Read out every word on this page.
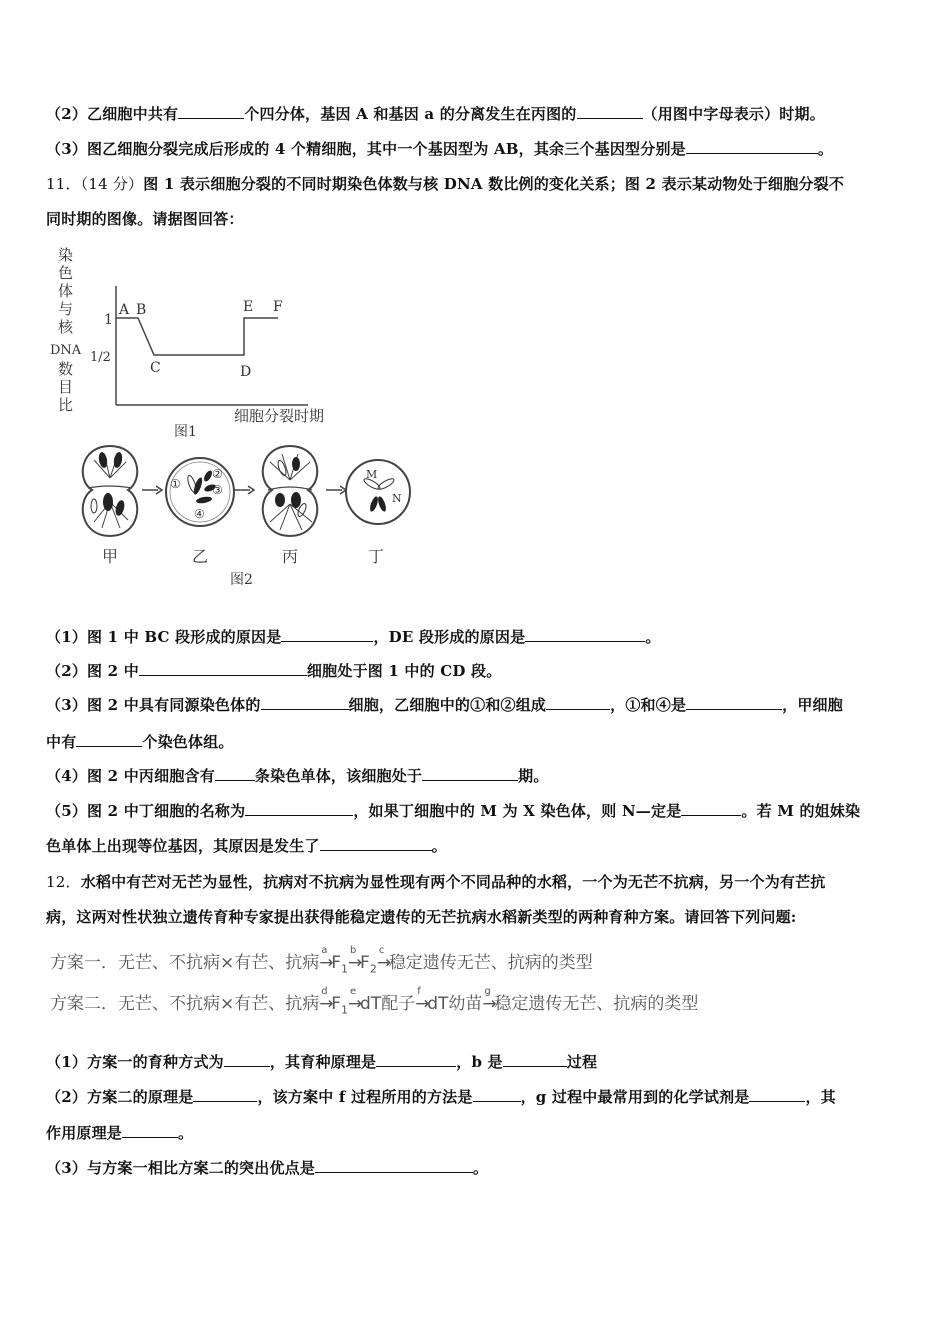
（2）乙细胞中共有	个四分体，基因 A 和基因 a 的分离发生在丙图的	（用图中字母表示）时期。
（3）图乙细胞分裂完成后形成的 4 个精细胞，其中一个基因型为 AB，其余三个基因型分别是	。
11．（14 分）图 1 表示细胞分裂的不同时期染色体数与核 DNA 数比例的变化关系；图 2 表示某动物处于细胞分裂不
同时期的图像。请据图回答：
染
色
体
与
核
DNA
数
目
比
1
1/2
A B
C	D
E F
细胞分裂时期
图1
①
②
③
④
M
N
甲	乙	丙	丁
图2
（1）图 1 中 BC 段形成的原因是	，DE 段形成的原因是	。
（2）图 2 中	细胞处于图 1 中的 CD 段。
（3）图 2 中具有同源染色体的	细胞，乙细胞中的①和②组成	，①和④是	，甲细胞
中有	个染色体组。
（4）图 2 中丙细胞含有	条染色单体，该细胞处于	期。
（5）图 2 中丁细胞的名称为	，如果丁细胞中的 M 为 X 染色体，则 N—定是	。若 M 的姐妹染
色单体上出现等位基因，其原因是发生了	。
12．水稻中有芒对无芒为显性，抗病对不抗病为显性现有两个不同品种的水稻，一个为无芒不抗病，另一个为有芒抗
病，这两对性状独立遗传育种专家提出获得能稳定遗传的无芒抗病水稻新类型的两种育种方案。请回答下列问题:
方案一．无芒、不抗病×有芒、抗病→
a
$F_1\to$
b
$F_2\to$
c
稳定遗传无芒、抗病的类型
方案二．无芒、不抗病×有芒、抗病→
d
$F_1\to$
e
dT配子→
f
dT幼苗→
g
稳定遗传无芒、抗病的类型
（1）方案一的育种方式为	，其育种原理是	，b 是	过程
（2）方案二的原理是	，该方案中 f 过程所用的方法是	，g 过程中最常用到的化学试剂是	，其
作用原理是	。
（3）与方案一相比方案二的突出优点是	。
